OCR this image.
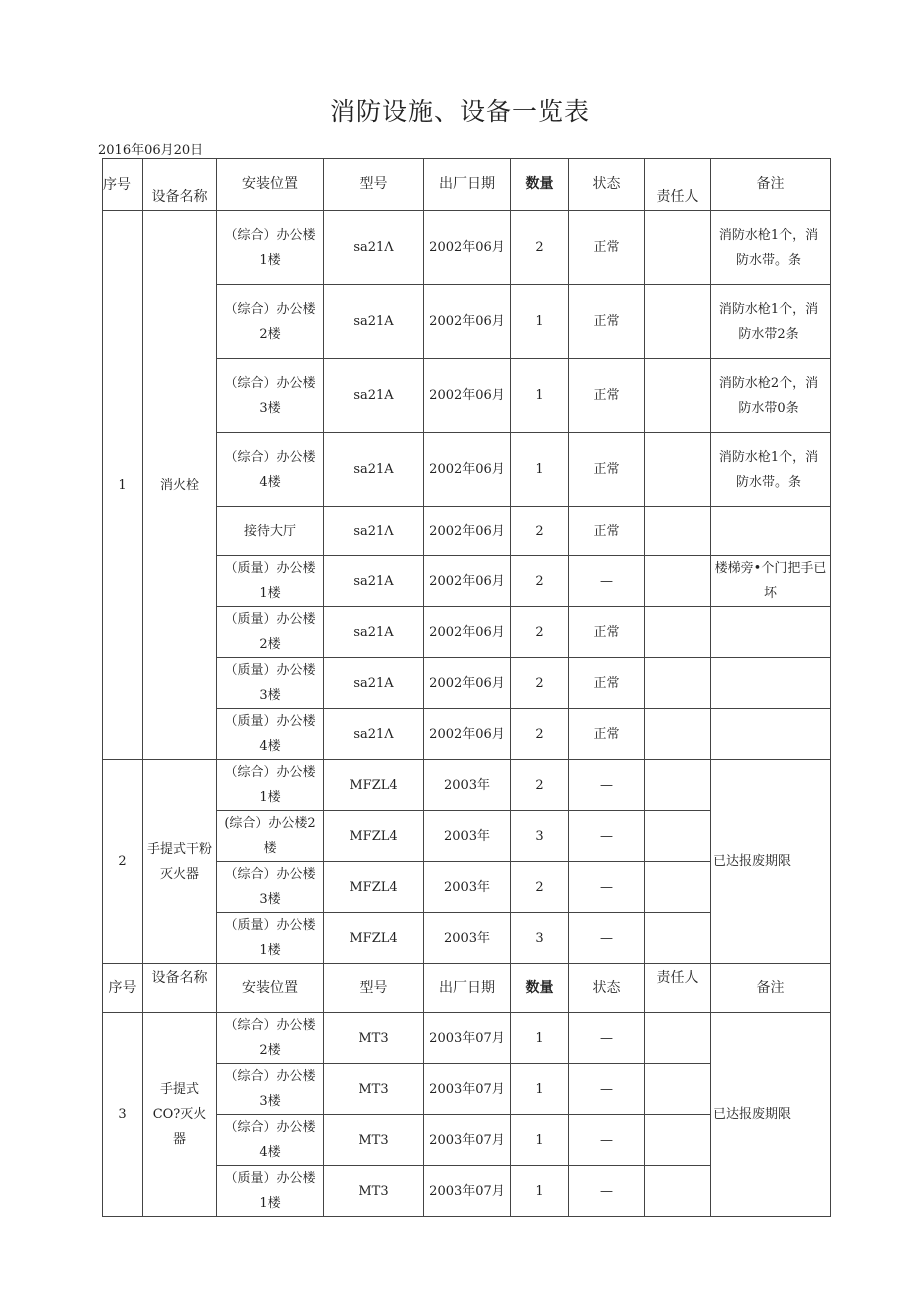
消防设施、设备一览表
2016年06月20日
序号	设备名称	安装位置	型号	出厂日期	数量	状态	责任人	备注
1	消火栓	（综合）办公楼1楼	sa21Λ	2002年06月	2	正常		消防水枪1个，消防水带。条
		（综合）办公楼2楼	sa21A	2002年06月	1	正常		消防水枪1个，消防水带2条
		（综合）办公楼3楼	sa21A	2002年06月	1	正常		消防水枪2个，消防水带0条
		（综合）办公楼4楼	sa21A	2002年06月	1	正常		消防水枪1个，消防水带。条
		接待大厅	sa21Λ	2002年06月	2	正常		
		（质量）办公楼1楼	sa21A	2002年06月	2	—		楼梯旁•个门把手已坏
		（质量）办公楼2楼	sa21A	2002年06月	2	正常		
		（质量）办公楼3楼	sa21A	2002年06月	2	正常		
		（质量）办公楼4楼	sa21Λ	2002年06月	2	正常		
2	手提式干粉灭火器	（综合）办公楼1楼	MFZL4	2003年	2	—		已达报废期限
		(综合）办公楼2楼	MFZL4	2003年	3	—		
		（综合）办公楼3楼	MFZL4	2003年	2	—		
		（质量）办公楼1楼	MFZL4	2003年	3	—		
序号	设备名称	安装位置	型号	出厂日期	数量	状态	责任人	备注
3	手提式CO?灭火器	（综合）办公楼2楼	MT3	2003年07月	1	—		已达报废期限
		（综合）办公楼3楼	MT3	2003年07月	1	—		
		（综合）办公楼4楼	MT3	2003年07月	1	—		
		（质量）办公楼1楼	MT3	2003年07月	1	—		
